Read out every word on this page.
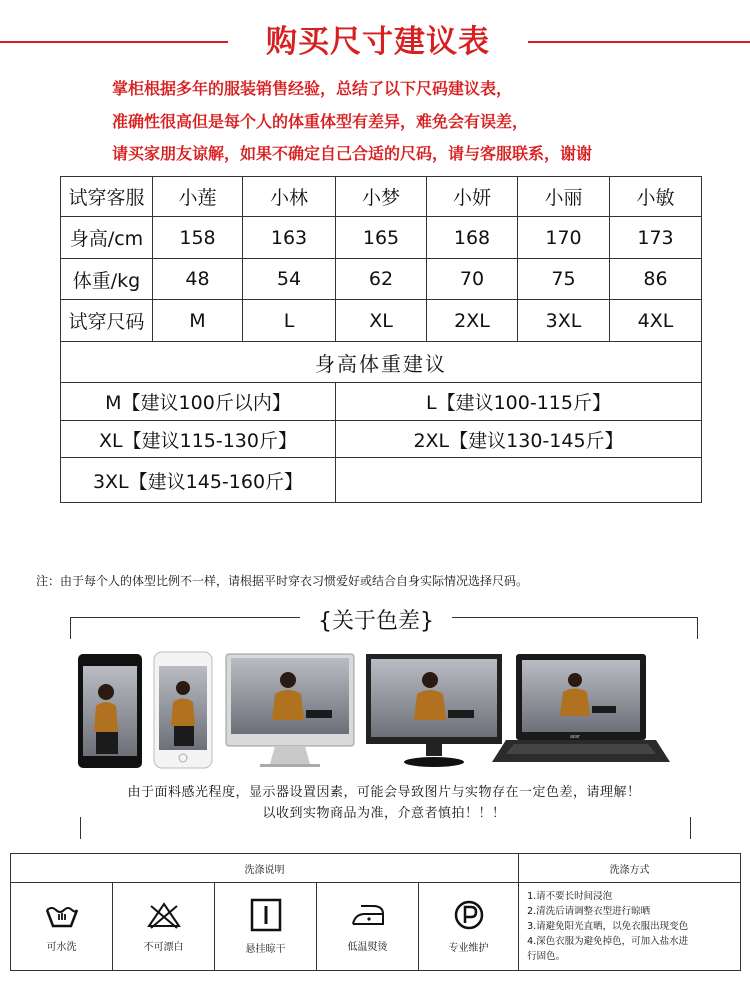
购买尺寸建议表
掌柜根据多年的服装销售经验，总结了以下尺码建议表，
准确性很高但是每个人的体重体型有差异，难免会有误差，
请买家朋友谅解，如果不确定自己合适的尺码，请与客服联系，谢谢
试穿客服	小莲	小林	小梦	小妍	小丽	小敏
身高/cm	158	163	165	168	170	173
体重/kg	48	54	62	70	75	86
试穿尺码	M	L	XL	2XL	3XL	4XL
身高体重建议						
M【建议100斤以内】			L【建议100-115斤】			
XL【建议115-130斤】			2XL【建议130-145斤】			
3XL【建议145-160斤】						
注：由于每个人的体型比例不一样，请根据平时穿衣习惯爱好或结合自身实际情况选择尺码。
{关于色差}
acer
由于面料感光程度，显示器设置因素，可能会导致图片与实物存在一定色差，请理解！
以收到实物商品为准，介意者慎拍！！！
洗涤说明					洗涤方式

可水洗	不可漂白	悬挂晾干	低温熨烫	专业维护	1.请不要长时间浸泡
2.清洗后请调整衣型进行晾晒
3.请避免阳光直晒，以免衣服出现变色
4.深色衣服为避免掉色，可加入盐水进
行固色。
